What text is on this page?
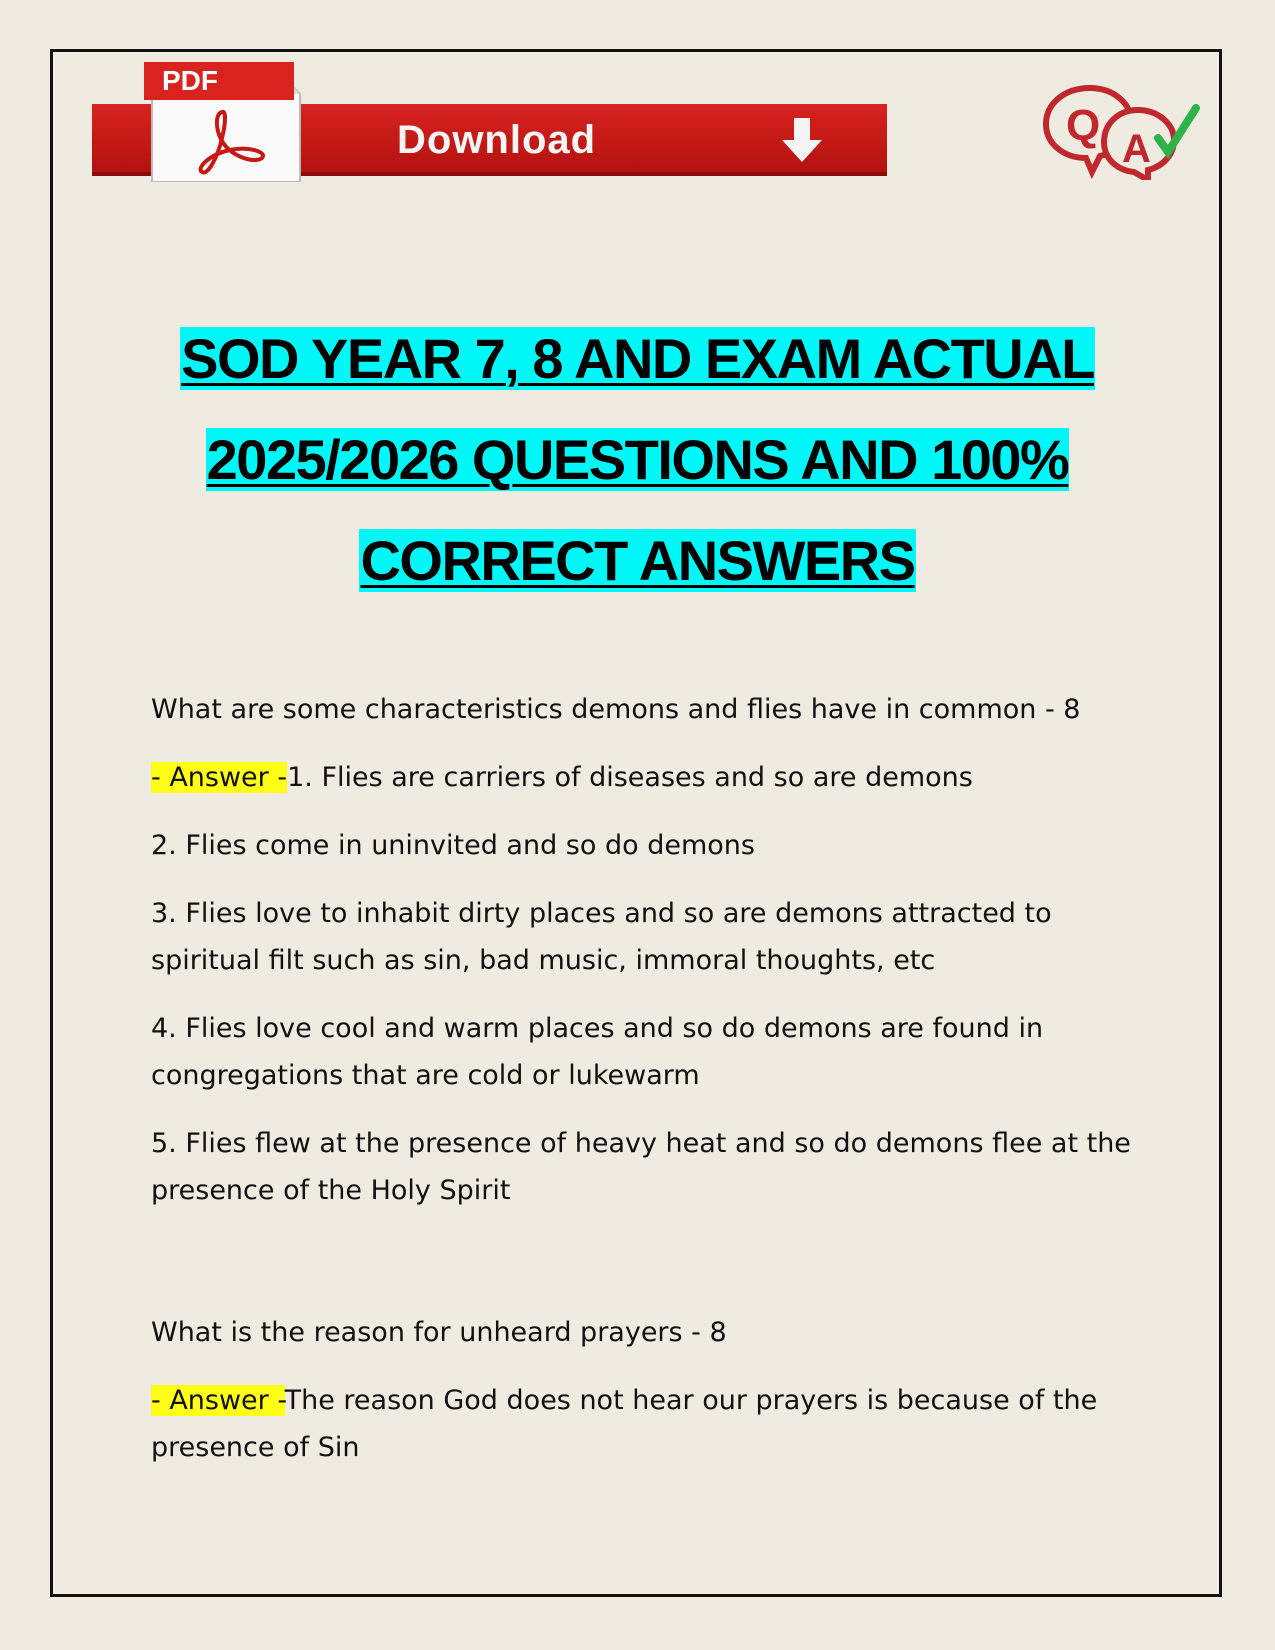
Download
PDF
Q A
SOD YEAR 7, 8 AND EXAM ACTUAL
2025/2026 QUESTIONS AND 100%
CORRECT ANSWERS

What are some characteristics demons and flies have in common - 8

- Answer -1. Flies are carriers of diseases and so are demons

2. Flies come in uninvited and so do demons

3. Flies love to inhabit dirty places and so are demons attracted to spiritual filt such as sin, bad music, immoral thoughts, etc

4. Flies love cool and warm places and so do demons are found in congregations that are cold or lukewarm

5. Flies flew at the presence of heavy heat and so do demons flee at the presence of the Holy Spirit

What is the reason for unheard prayers - 8

- Answer -The reason God does not hear our prayers is because of the presence of Sin
